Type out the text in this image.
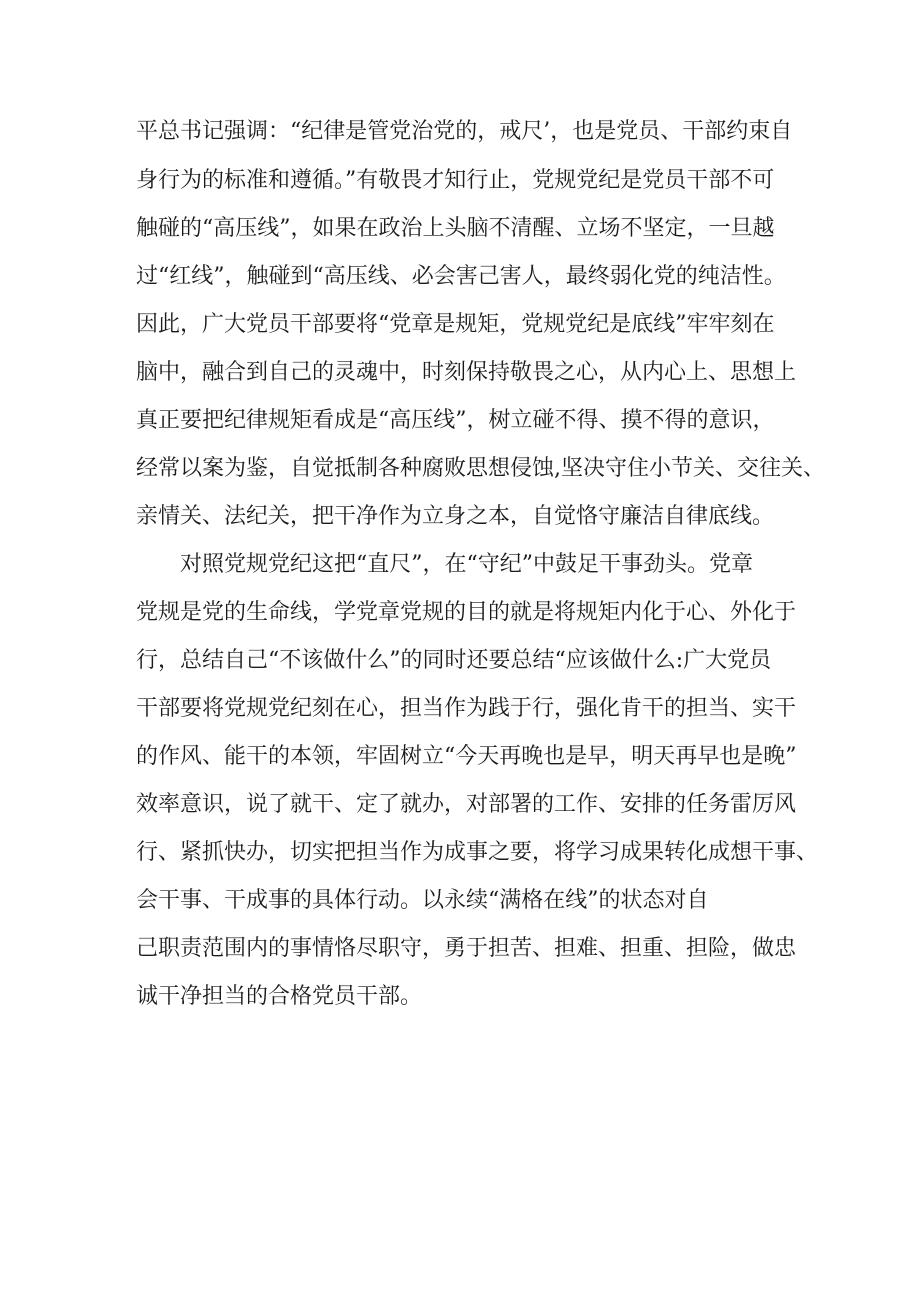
平总书记强调：“纪律是管党治党的，戒尺’，也是党员、干部约束自
身行为的标准和遵循。”有敬畏才知行止，党规党纪是党员干部不可
触碰的“高压线”，如果在政治上头脑不清醒、立场不坚定，一旦越
过“红线”，触碰到“高压线、必会害己害人，最终弱化党的纯洁性。
因此，广大党员干部要将“党章是规矩，党规党纪是底线”牢牢刻在
脑中，融合到自己的灵魂中，时刻保持敬畏之心，从内心上、思想上
真正要把纪律规矩看成是“高压线”，树立碰不得、摸不得的意识，
经常以案为鉴，自觉抵制各种腐败思想侵蚀,坚决守住小节关、交往关、
亲情关、法纪关，把干净作为立身之本，自觉恪守廉洁自律底线。
对照党规党纪这把“直尺”，在“守纪”中鼓足干事劲头。党章
党规是党的生命线，学党章党规的目的就是将规矩内化于心、外化于
行，总结自己“不该做什么”的同时还要总结“应该做什么:广大党员
干部要将党规党纪刻在心，担当作为践于行，强化肯干的担当、实干
的作风、能干的本领，牢固树立“今天再晚也是早，明天再早也是晚”
效率意识，说了就干、定了就办，对部署的工作、安排的任务雷厉风
行、紧抓快办，切实把担当作为成事之要，将学习成果转化成想干事、
会干事、干成事的具体行动。以永续“满格在线”的状态对自
己职责范围内的事情恪尽职守，勇于担苦、担难、担重、担险，做忠
诚干净担当的合格党员干部。
